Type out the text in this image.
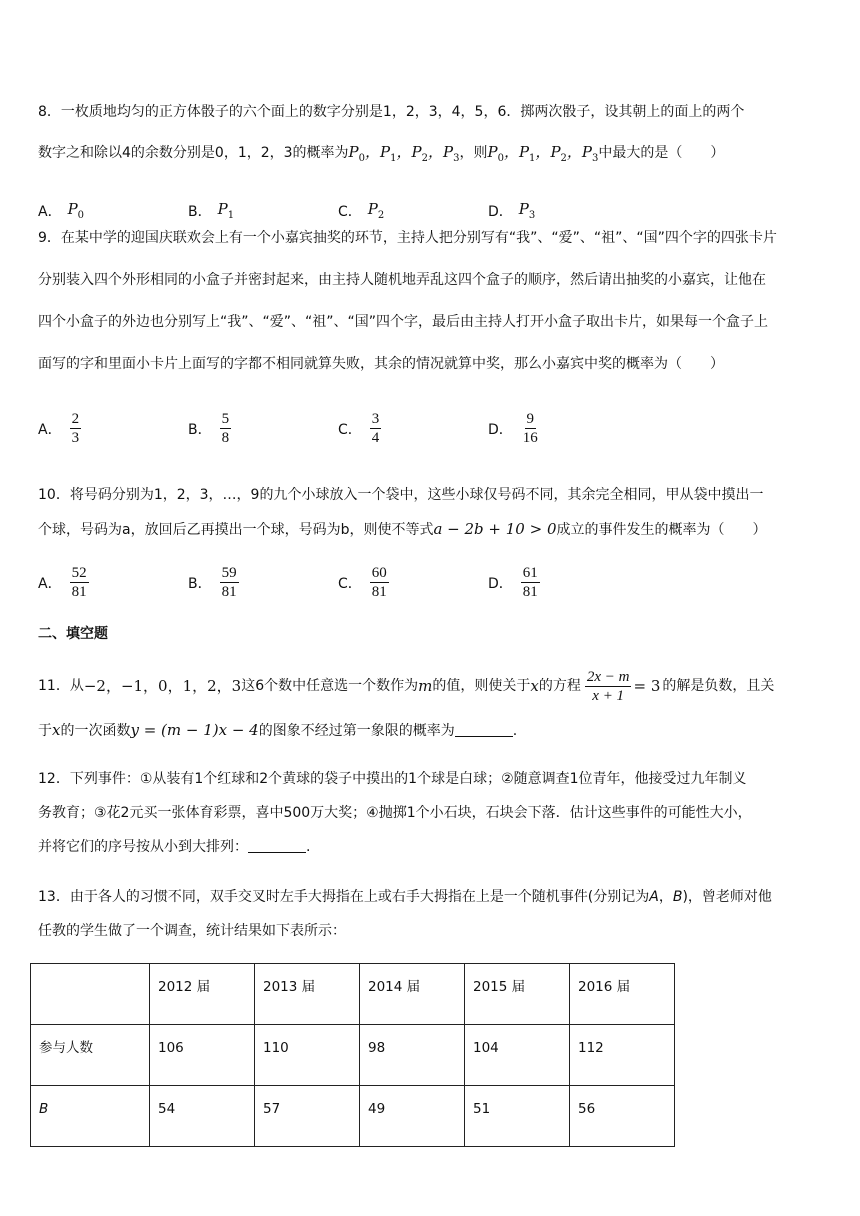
8．一枚质地均匀的正方体骰子的六个面上的数字分别是1，2，3，4，5，6．掷两次骰子，设其朝上的面上的两个
数字之和除以4的余数分别是0，1，2，3的概率为$P_0$，$P_1$，$P_2$，$P_3$，则$P_0$，$P_1$，$P_2$，$P_3$中最大的是（　　）
A． $P_0$	B． $P_1$	C． $P_2$	D． $P_3$
9．在某中学的迎国庆联欢会上有一个小嘉宾抽奖的环节，主持人把分别写有“我”、“爱”、“祖”、“国”四个字的四张卡片
分别装入四个外形相同的小盒子并密封起来，由主持人随机地弄乱这四个盒子的顺序，然后请出抽奖的小嘉宾，让他在
四个小盒子的外边也分别写上“我”、“爱”、“祖”、“国”四个字，最后由主持人打开小盒子取出卡片，如果每一个盒子上
面写的字和里面小卡片上面写的字都不相同就算失败，其余的情况就算中奖，那么小嘉宾中奖的概率为（　　）
A． $\frac{2}{3}$	B． $\frac{5}{8}$	C． $\frac{3}{4}$	D． $\frac{9}{16}$
10．将号码分别为1，2，3，…，9的九个小球放入一个袋中，这些小球仅号码不同，其余完全相同，甲从袋中摸出一
个球，号码为a，放回后乙再摸出一个球，号码为b，则使不等式a − 2b + 10 > 0成立的事件发生的概率为（　　）
A． $\frac{52}{81}$	B． $\frac{59}{81}$	C． $\frac{60}{81}$	D． $\frac{61}{81}$
二、填空题
11．从 −2，−1，0，1，2，3 这6个数中任意选一个数作为 m 的值，则使关于 x 的方程 $\frac{2x - m}{x + 1} = 3$ 的解是负数，且关
于x的一次函数y = (m − 1)x − 4的图象不经过第一象限的概率为	.
12．下列事件：①从装有1个红球和2个黄球的袋子中摸出的1个球是白球；②随意调查1位青年，他接受过九年制义
务教育；③花2元买一张体育彩票，喜中500万大奖；④抛掷1个小石块，石块会下落．估计这些事件的可能性大小，
并将它们的序号按从小到大排列：	.
13．由于各人的习惯不同，双手交叉时左手大拇指在上或右手大拇指在上是一个随机事件(分别记为A，B)，曾老师对他
任教的学生做了一个调查，统计结果如下表所示：
	2012 届	2013 届	2014 届	2015 届	2016 届
参与人数	106	110	98	104	112
B	54	57	49	51	56
